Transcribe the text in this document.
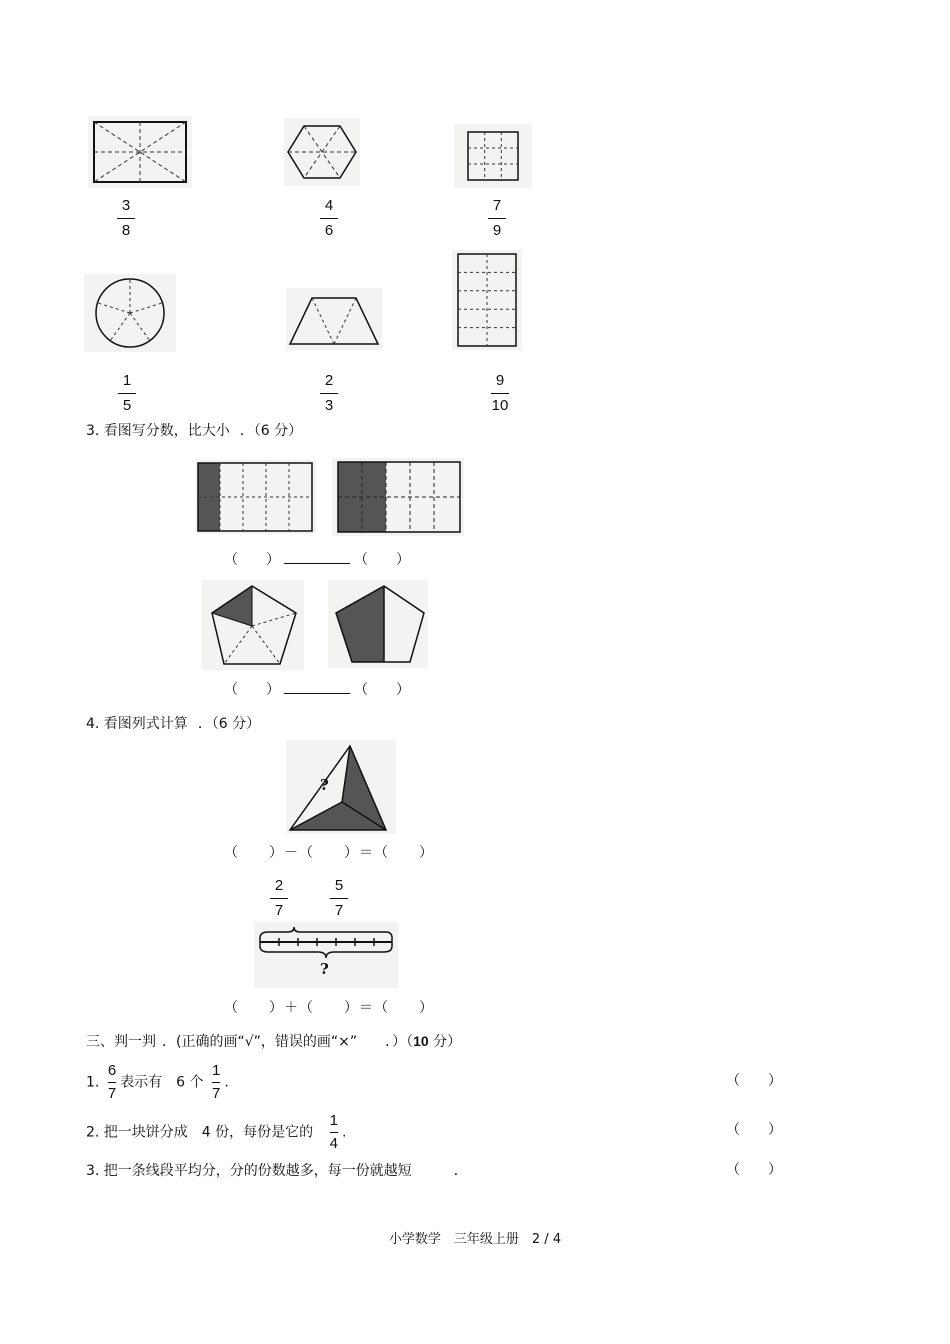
3
8
4
6
7
9
1
5
2
3
9
10
3. 看图写分数，比大小 ．（6 分）
（　　）	（　　）
（　　）	（　　）
4. 看图列式计算 ．（6 分）
?
（　　）－（　　）＝（　　）
2
7
5
7
?
（　　）＋（　　）＝（　　）
三、判一判 ．(正确的画“√”，错误的画“×”　　．）（10 分）
1. $\frac{6}{7}$ 表示有　6 个 $\frac{1}{7}$ .	（　　）
2. 把一块饼分成　4 份，每份是它的 $\frac{1}{4}$ .	（　　）
3. 把一条线段平均分，分的份数越多，每一份就越短　　　．	（　　）
小学数学　三年级上册　2 / 4
